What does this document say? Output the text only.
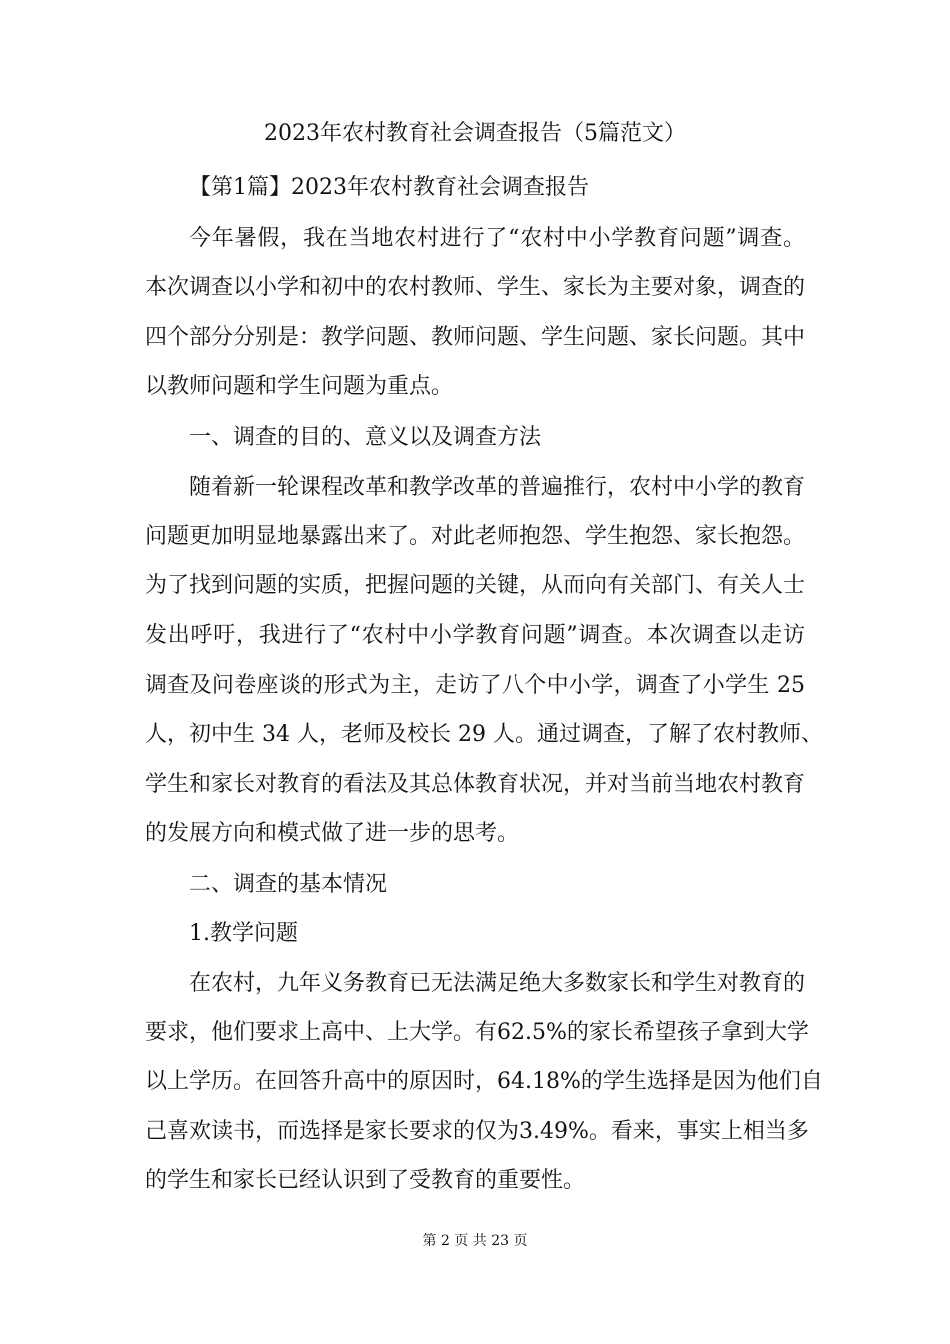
2023年农村教育社会调查报告（5篇范文）
【第1篇】2023年农村教育社会调查报告
今年暑假，我在当地农村进行了“农村中小学教育问题”调查。
本次调查以小学和初中的农村教师、学生、家长为主要对象，调查的
四个部分分别是：教学问题、教师问题、学生问题、家长问题。其中
以教师问题和学生问题为重点。
一、调查的目的、意义以及调查方法
随着新一轮课程改革和教学改革的普遍推行，农村中小学的教育
问题更加明显地暴露出来了。对此老师抱怨、学生抱怨、家长抱怨。
为了找到问题的实质，把握问题的关键，从而向有关部门、有关人士
发出呼吁，我进行了“农村中小学教育问题”调查。本次调查以走访
调查及问卷座谈的形式为主，走访了八个中小学，调查了小学生 25
人，初中生 34 人，老师及校长 29 人。通过调查，了解了农村教师、
学生和家长对教育的看法及其总体教育状况，并对当前当地农村教育
的发展方向和模式做了进一步的思考。
二、调查的基本情况
1.教学问题
在农村，九年义务教育已无法满足绝大多数家长和学生对教育的
要求，他们要求上高中、上大学。有62.5%的家长希望孩子拿到大学
以上学历。在回答升高中的原因时，64.18%的学生选择是因为他们自
己喜欢读书，而选择是家长要求的仅为3.49%。看来，事实上相当多
的学生和家长已经认识到了受教育的重要性。
第 2 页 共 23 页
